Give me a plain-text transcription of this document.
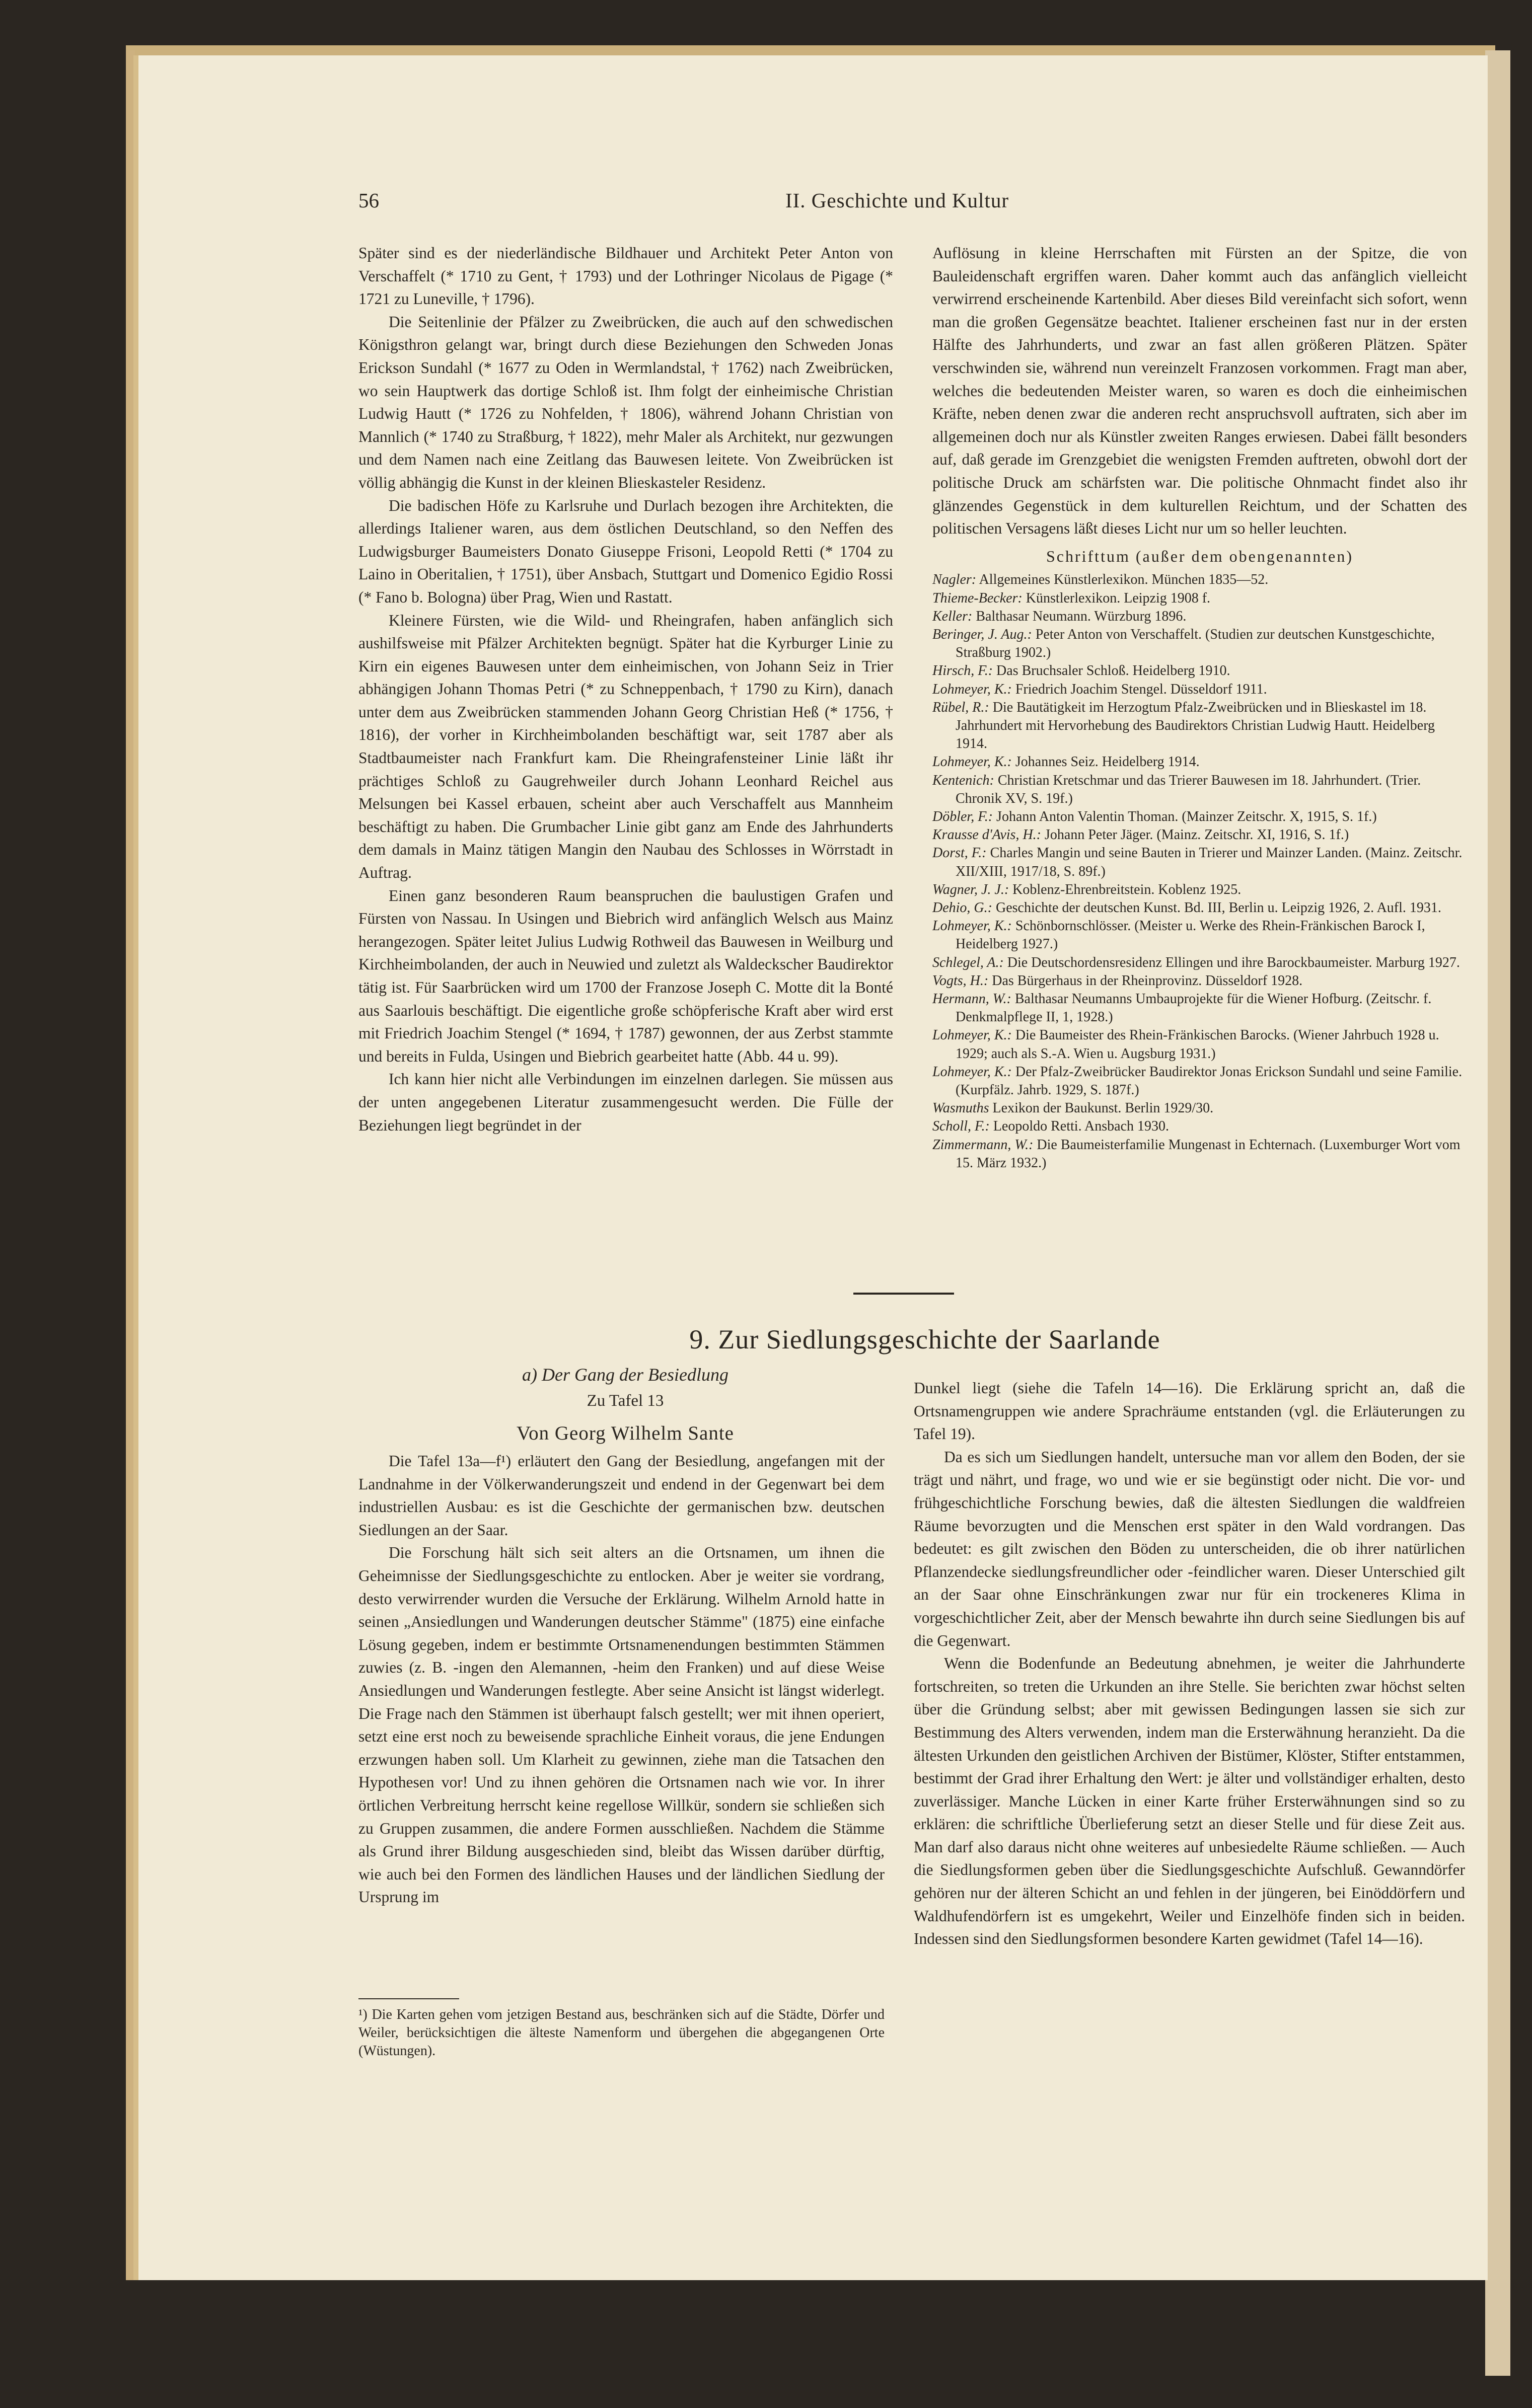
56	II. Geschichte und Kultur

Später sind es der niederländische Bildhauer und Architekt Peter Anton von Verschaffelt (* 1710 zu Gent, † 1793) und der Lothringer Nicolaus de Pigage (* 1721 zu Luneville, † 1796).

Die Seitenlinie der Pfälzer zu Zweibrücken, die auch auf den schwedischen Königsthron gelangt war, bringt durch diese Beziehungen den Schweden Jonas Erickson Sundahl (* 1677 zu Oden in Wermlandstal, † 1762) nach Zweibrücken, wo sein Hauptwerk das dortige Schloß ist. Ihm folgt der einheimische Christian Ludwig Hautt (* 1726 zu Nohfelden, † 1806), während Johann Christian von Mannlich (* 1740 zu Straßburg, † 1822), mehr Maler als Architekt, nur gezwungen und dem Namen nach eine Zeitlang das Bauwesen leitete. Von Zweibrücken ist völlig abhängig die Kunst in der kleinen Blieskasteler Residenz.

Die badischen Höfe zu Karlsruhe und Durlach bezogen ihre Architekten, die allerdings Italiener waren, aus dem östlichen Deutschland, so den Neffen des Ludwigsburger Baumeisters Donato Giuseppe Frisoni, Leopold Retti (* 1704 zu Laino in Oberitalien, † 1751), über Ansbach, Stuttgart und Domenico Egidio Rossi (* Fano b. Bologna) über Prag, Wien und Rastatt.

Kleinere Fürsten, wie die Wild- und Rheingrafen, haben anfänglich sich aushilfsweise mit Pfälzer Architekten begnügt. Später hat die Kyrburger Linie zu Kirn ein eigenes Bauwesen unter dem einheimischen, von Johann Seiz in Trier abhängigen Johann Thomas Petri (* zu Schneppenbach, † 1790 zu Kirn), danach unter dem aus Zweibrücken stammenden Johann Georg Christian Heß (* 1756, † 1816), der vorher in Kirchheimbolanden beschäftigt war, seit 1787 aber als Stadtbaumeister nach Frankfurt kam. Die Rheingrafensteiner Linie läßt ihr prächtiges Schloß zu Gaugrehweiler durch Johann Leonhard Reichel aus Melsungen bei Kassel erbauen, scheint aber auch Verschaffelt aus Mannheim beschäftigt zu haben. Die Grumbacher Linie gibt ganz am Ende des Jahrhunderts dem damals in Mainz tätigen Mangin den Naubau des Schlosses in Wörrstadt in Auftrag.

Einen ganz besonderen Raum beanspruchen die baulustigen Grafen und Fürsten von Nassau. In Usingen und Biebrich wird anfänglich Welsch aus Mainz herangezogen. Später leitet Julius Ludwig Rothweil das Bauwesen in Weilburg und Kirchheimbolanden, der auch in Neuwied und zuletzt als Waldeckscher Baudirektor tätig ist. Für Saarbrücken wird um 1700 der Franzose Joseph C. Motte dit la Bonté aus Saarlouis beschäftigt. Die eigentliche große schöpferische Kraft aber wird erst mit Friedrich Joachim Stengel (* 1694, † 1787) gewonnen, der aus Zerbst stammte und bereits in Fulda, Usingen und Biebrich gearbeitet hatte (Abb. 44 u. 99).

Ich kann hier nicht alle Verbindungen im einzelnen darlegen. Sie müssen aus der unten angegebenen Literatur zusammengesucht werden. Die Fülle der Beziehungen liegt begründet in der

Auflösung in kleine Herrschaften mit Fürsten an der Spitze, die von Bauleidenschaft ergriffen waren. Daher kommt auch das anfänglich vielleicht verwirrend erscheinende Kartenbild. Aber dieses Bild vereinfacht sich sofort, wenn man die großen Gegensätze beachtet. Italiener erscheinen fast nur in der ersten Hälfte des Jahrhunderts, und zwar an fast allen größeren Plätzen. Später verschwinden sie, während nun vereinzelt Franzosen vorkommen. Fragt man aber, welches die bedeutenden Meister waren, so waren es doch die einheimischen Kräfte, neben denen zwar die anderen recht anspruchsvoll auftraten, sich aber im allgemeinen doch nur als Künstler zweiten Ranges erwiesen. Dabei fällt besonders auf, daß gerade im Grenzgebiet die wenigsten Fremden auftreten, obwohl dort der politische Druck am schärfsten war. Die politische Ohnmacht findet also ihr glänzendes Gegenstück in dem kulturellen Reichtum, und der Schatten des politischen Versagens läßt dieses Licht nur um so heller leuchten.

Schrifttum (außer dem obengenannten)

Nagler: Allgemeines Künstlerlexikon. München 1835—52.

Thieme-Becker: Künstlerlexikon. Leipzig 1908 f.

Keller: Balthasar Neumann. Würzburg 1896.

Beringer, J. Aug.: Peter Anton von Verschaffelt. (Studien zur deutschen Kunstgeschichte, Straßburg 1902.)

Hirsch, F.: Das Bruchsaler Schloß. Heidelberg 1910.

Lohmeyer, K.: Friedrich Joachim Stengel. Düsseldorf 1911.

Rübel, R.: Die Bautätigkeit im Herzogtum Pfalz-Zweibrücken und in Blieskastel im 18. Jahrhundert mit Hervorhebung des Baudirektors Christian Ludwig Hautt. Heidelberg 1914.

Lohmeyer, K.: Johannes Seiz. Heidelberg 1914.

Kentenich: Christian Kretschmar und das Trierer Bauwesen im 18. Jahrhundert. (Trier. Chronik XV, S. 19f.)

Döbler, F.: Johann Anton Valentin Thoman. (Mainzer Zeitschr. X, 1915, S. 1f.)

Krausse d'Avis, H.: Johann Peter Jäger. (Mainz. Zeitschr. XI, 1916, S. 1f.)

Dorst, F.: Charles Mangin und seine Bauten in Trierer und Mainzer Landen. (Mainz. Zeitschr. XII/XIII, 1917/18, S. 89f.)

Wagner, J. J.: Koblenz-Ehrenbreitstein. Koblenz 1925.

Dehio, G.: Geschichte der deutschen Kunst. Bd. III, Berlin u. Leipzig 1926, 2. Aufl. 1931.

Lohmeyer, K.: Schönbornschlösser. (Meister u. Werke des Rhein-Fränkischen Barock I, Heidelberg 1927.)

Schlegel, A.: Die Deutschordensresidenz Ellingen und ihre Barockbaumeister. Marburg 1927.

Vogts, H.: Das Bürgerhaus in der Rheinprovinz. Düsseldorf 1928.

Hermann, W.: Balthasar Neumanns Umbauprojekte für die Wiener Hofburg. (Zeitschr. f. Denkmalpflege II, 1, 1928.)

Lohmeyer, K.: Die Baumeister des Rhein-Fränkischen Barocks. (Wiener Jahrbuch 1928 u. 1929; auch als S.-A. Wien u. Augsburg 1931.)

Lohmeyer, K.: Der Pfalz-Zweibrücker Baudirektor Jonas Erickson Sundahl und seine Familie. (Kurpfälz. Jahrb. 1929, S. 187f.)

Wasmuths Lexikon der Baukunst. Berlin 1929/30.

Scholl, F.: Leopoldo Retti. Ansbach 1930.

Zimmermann, W.: Die Baumeisterfamilie Mungenast in Echternach. (Luxemburger Wort vom 15. März 1932.)

9. Zur Siedlungsgeschichte der Saarlande
a) Der Gang der Besiedlung
Zu Tafel 13
Von Georg Wilhelm Sante

Die Tafel 13a—f¹) erläutert den Gang der Besiedlung, angefangen mit der Landnahme in der Völkerwanderungszeit und endend in der Gegenwart bei dem industriellen Ausbau: es ist die Geschichte der germanischen bzw. deutschen Siedlungen an der Saar.

Die Forschung hält sich seit alters an die Ortsnamen, um ihnen die Geheimnisse der Siedlungsgeschichte zu entlocken. Aber je weiter sie vordrang, desto verwirrender wurden die Versuche der Erklärung. Wilhelm Arnold hatte in seinen „Ansiedlungen und Wanderungen deutscher Stämme" (1875) eine einfache Lösung gegeben, indem er bestimmte Ortsnamenendungen bestimmten Stämmen zuwies (z. B. -ingen den Alemannen, -heim den Franken) und auf diese Weise Ansiedlungen und Wanderungen festlegte. Aber seine Ansicht ist längst widerlegt. Die Frage nach den Stämmen ist überhaupt falsch gestellt; wer mit ihnen operiert, setzt eine erst noch zu beweisende sprachliche Einheit voraus, die jene Endungen erzwungen haben soll. Um Klarheit zu gewinnen, ziehe man die Tatsachen den Hypothesen vor! Und zu ihnen gehören die Ortsnamen nach wie vor. In ihrer örtlichen Verbreitung herrscht keine regellose Willkür, sondern sie schließen sich zu Gruppen zusammen, die andere Formen ausschließen. Nachdem die Stämme als Grund ihrer Bildung ausgeschieden sind, bleibt das Wissen darüber dürftig, wie auch bei den Formen des ländlichen Hauses und der ländlichen Siedlung der Ursprung im

¹) Die Karten gehen vom jetzigen Bestand aus, beschränken sich auf die Städte, Dörfer und Weiler, berücksichtigen die älteste Namenform und übergehen die abgegangenen Orte (Wüstungen).

Dunkel liegt (siehe die Tafeln 14—16). Die Erklärung spricht an, daß die Ortsnamengruppen wie andere Sprachräume entstanden (vgl. die Erläuterungen zu Tafel 19).

Da es sich um Siedlungen handelt, untersuche man vor allem den Boden, der sie trägt und nährt, und frage, wo und wie er sie begünstigt oder nicht. Die vor- und frühgeschichtliche Forschung bewies, daß die ältesten Siedlungen die waldfreien Räume bevorzugten und die Menschen erst später in den Wald vordrangen. Das bedeutet: es gilt zwischen den Böden zu unterscheiden, die ob ihrer natürlichen Pflanzendecke siedlungsfreundlicher oder -feindlicher waren. Dieser Unterschied gilt an der Saar ohne Einschränkungen zwar nur für ein trockeneres Klima in vorgeschichtlicher Zeit, aber der Mensch bewahrte ihn durch seine Siedlungen bis auf die Gegenwart.

Wenn die Bodenfunde an Bedeutung abnehmen, je weiter die Jahrhunderte fortschreiten, so treten die Urkunden an ihre Stelle. Sie berichten zwar höchst selten über die Gründung selbst; aber mit gewissen Bedingungen lassen sie sich zur Bestimmung des Alters verwenden, indem man die Ersterwähnung heranzieht. Da die ältesten Urkunden den geistlichen Archiven der Bistümer, Klöster, Stifter entstammen, bestimmt der Grad ihrer Erhaltung den Wert: je älter und vollständiger erhalten, desto zuverlässiger. Manche Lücken in einer Karte früher Ersterwähnungen sind so zu erklären: die schriftliche Überlieferung setzt an dieser Stelle und für diese Zeit aus. Man darf also daraus nicht ohne weiteres auf unbesiedelte Räume schließen. — Auch die Siedlungsformen geben über die Siedlungsgeschichte Aufschluß. Gewanndörfer gehören nur der älteren Schicht an und fehlen in der jüngeren, bei Einöddörfern und Waldhufendörfern ist es umgekehrt, Weiler und Einzelhöfe finden sich in beiden. Indessen sind den Siedlungsformen besondere Karten gewidmet (Tafel 14—16).
